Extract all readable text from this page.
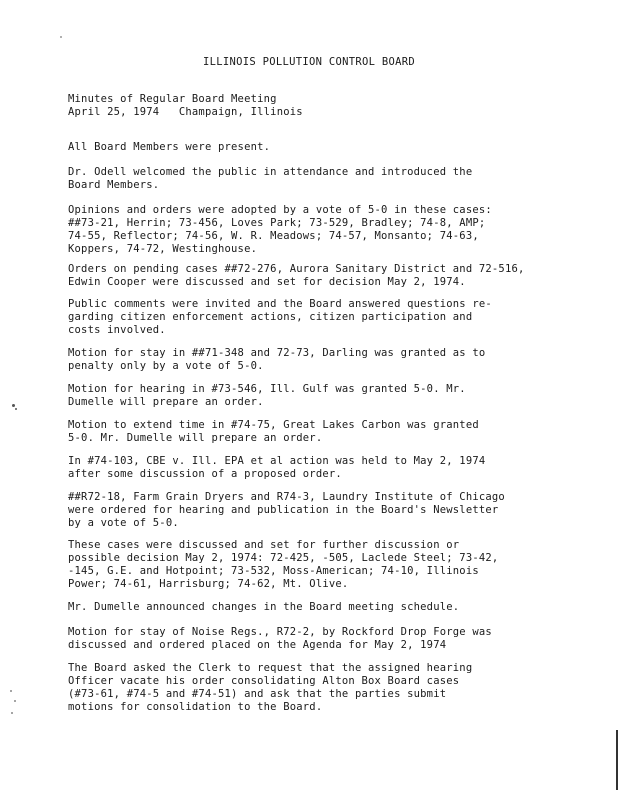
ILLINOIS POLLUTION CONTROL BOARD
Minutes of Regular Board Meeting
April 25, 1974   Champaign, Illinois
All Board Members were present.
Dr. Odell welcomed the public in attendance and introduced the
Board Members.
Opinions and orders were adopted by a vote of 5-0 in these cases:
##73-21, Herrin; 73-456, Loves Park; 73-529, Bradley; 74-8, AMP;
74-55, Reflector; 74-56, W. R. Meadows; 74-57, Monsanto; 74-63,
Koppers, 74-72, Westinghouse.
Orders on pending cases ##72-276, Aurora Sanitary District and 72-516,
Edwin Cooper were discussed and set for decision May 2, 1974.
Public comments were invited and the Board answered questions re-
garding citizen enforcement actions, citizen participation and
costs involved.
Motion for stay in ##71-348 and 72-73, Darling was granted as to
penalty only by a vote of 5-0.
Motion for hearing in #73-546, Ill. Gulf was granted 5-0. Mr.
Dumelle will prepare an order.
Motion to extend time in #74-75, Great Lakes Carbon was granted
5-0. Mr. Dumelle will prepare an order.
In #74-103, CBE v. Ill. EPA et al action was held to May 2, 1974
after some discussion of a proposed order.
##R72-18, Farm Grain Dryers and R74-3, Laundry Institute of Chicago
were ordered for hearing and publication in the Board's Newsletter
by a vote of 5-0.
These cases were discussed and set for further discussion or
possible decision May 2, 1974: 72-425, -505, Laclede Steel; 73-42,
-145, G.E. and Hotpoint; 73-532, Moss-American; 74-10, Illinois
Power; 74-61, Harrisburg; 74-62, Mt. Olive.
Mr. Dumelle announced changes in the Board meeting schedule.
Motion for stay of Noise Regs., R72-2, by Rockford Drop Forge was
discussed and ordered placed on the Agenda for May 2, 1974
The Board asked the Clerk to request that the assigned hearing
Officer vacate his order consolidating Alton Box Board cases
(#73-61, #74-5 and #74-51) and ask that the parties submit
motions for consolidation to the Board.
